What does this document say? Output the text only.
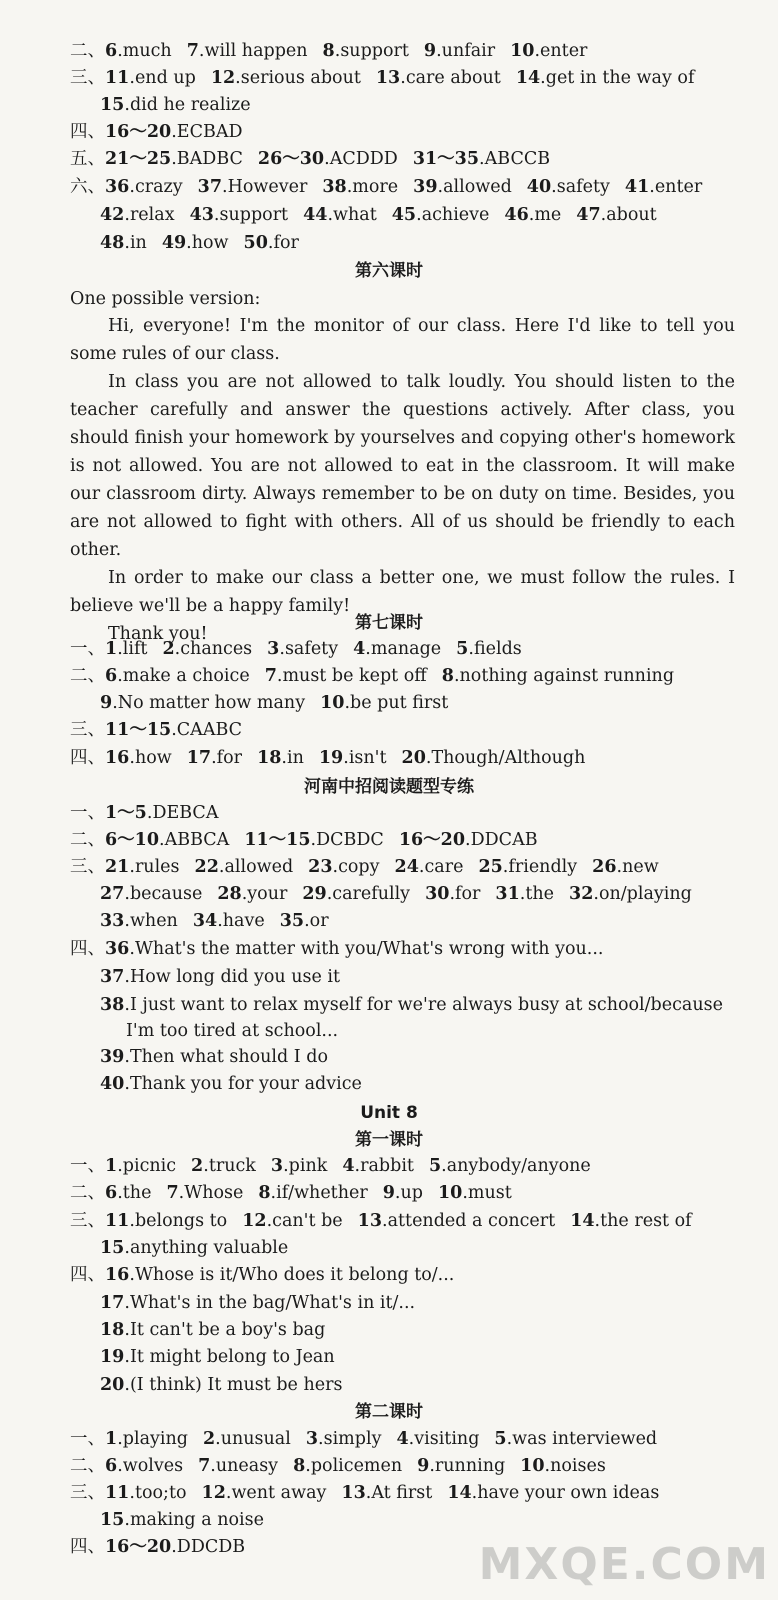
二、6.much 7.will happen 8.support 9.unfair 10.enter
三、11.end up 12.serious about 13.care about 14.get in the way of
15.did he realize
四、16～20.ECBAD
五、21～25.BADBC 26～30.ACDDD 31～35.ABCCB
六、36.crazy 37.However 38.more 39.allowed 40.safety 41.enter
42.relax 43.support 44.what 45.achieve 46.me 47.about
48.in 49.how 50.for
一、1.lift 2.chances 3.safety 4.manage 5.fields
二、6.make a choice 7.must be kept off 8.nothing against running
9.No matter how many 10.be put first
三、11～15.CAABC
四、16.how 17.for 18.in 19.isn't 20.Though/Although
一、1～5.DEBCA
二、6～10.ABBCA 11～15.DCBDC 16～20.DDCAB
三、21.rules 22.allowed 23.copy 24.care 25.friendly 26.new
27.because 28.your 29.carefully 30.for 31.the 32.on/playing
33.when 34.have 35.or
四、36.What's the matter with you/What's wrong with you...
37.How long did you use it
38.I just want to relax myself for we're always busy at school/because
I'm too tired at school...
39.Then what should I do
40.Thank you for your advice
一、1.picnic 2.truck 3.pink 4.rabbit 5.anybody/anyone
二、6.the 7.Whose 8.if/whether 9.up 10.must
三、11.belongs to 12.can't be 13.attended a concert 14.the rest of
15.anything valuable
四、16.Whose is it/Who does it belong to/...
17.What's in the bag/What's in it/...
18.It can't be a boy's bag
19.It might belong to Jean
20.(I think) It must be hers
一、1.playing 2.unusual 3.simply 4.visiting 5.was interviewed
二、6.wolves 7.uneasy 8.policemen 9.running 10.noises
三、11.too;to 12.went away 13.At first 14.have your own ideas
15.making a noise
四、16～20.DDCDB
第六课时
第七课时
河南中招阅读题型专练
Unit 8
第一课时
第二课时
One possible version:

Hi, everyone! I'm the monitor of our class. Here I'd like to tell you some rules of our class.

In class you are not allowed to talk loudly. You should listen to the teacher carefully and answer the questions actively. After class, you should finish your homework by yourselves and copying other's homework is not allowed. You are not allowed to eat in the classroom. It will make our classroom dirty. Always remember to be on duty on time. Besides, you are not allowed to fight with others. All of us should be friendly to each other.

In order to make our class a better one, we must follow the rules. I believe we'll be a happy family!

Thank you!

MXQE.COM
